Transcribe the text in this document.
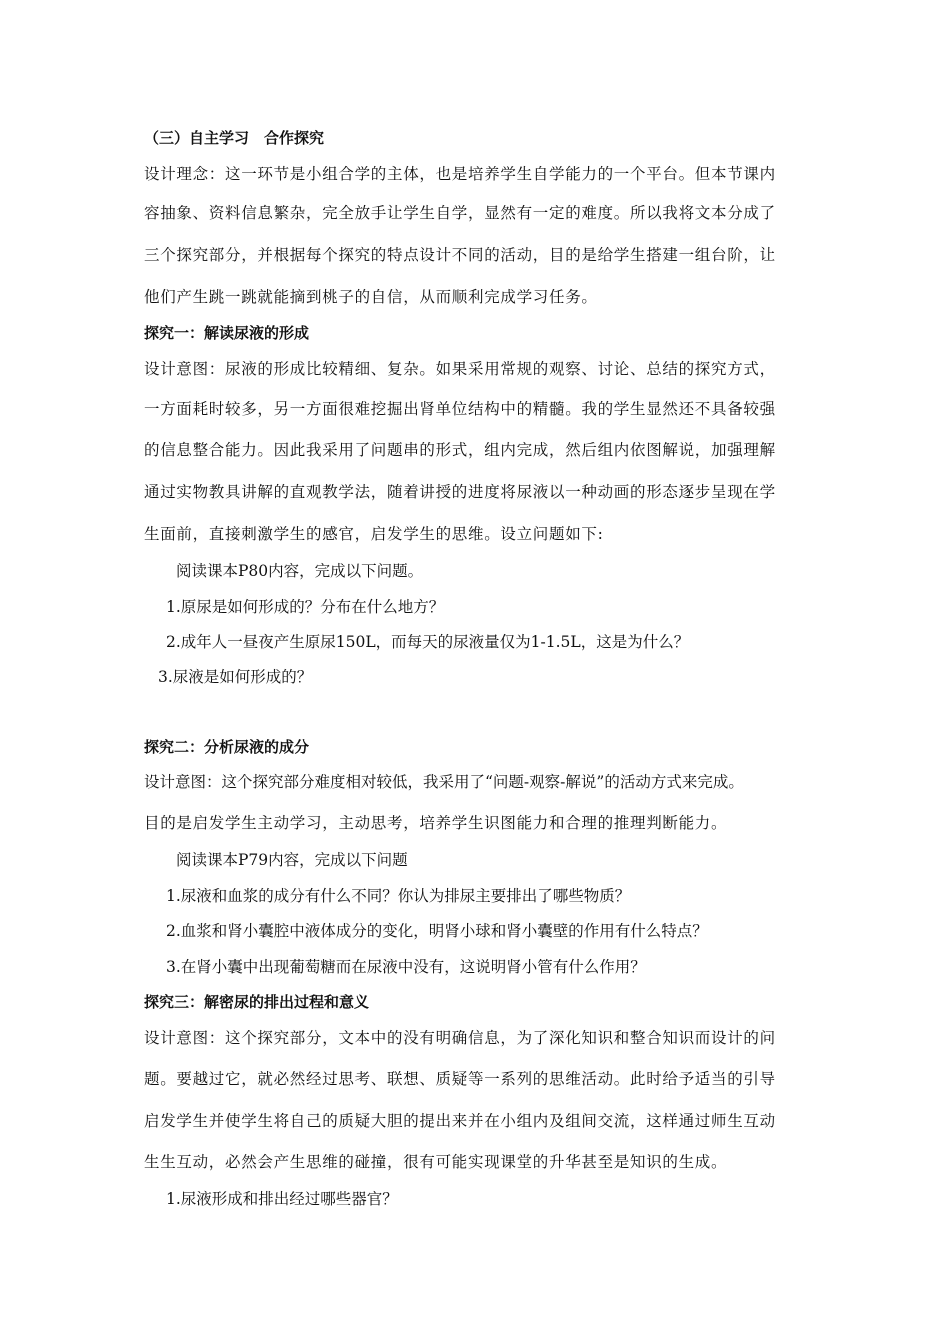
（三）自主学习　合作探究
设计理念：这一环节是小组合学的主体，也是培养学生自学能力的一个平台。但本节课内
容抽象、资料信息繁杂，完全放手让学生自学，显然有一定的难度。所以我将文本分成了
三个探究部分，并根据每个探究的特点设计不同的活动，目的是给学生搭建一组台阶，让
他们产生跳一跳就能摘到桃子的自信，从而顺利完成学习任务。
探究一：解读尿液的形成
设计意图：尿液的形成比较精细、复杂。如果采用常规的观察、讨论、总结的探究方式，
一方面耗时较多，另一方面很难挖掘出肾单位结构中的精髓。我的学生显然还不具备较强
的信息整合能力。因此我采用了问题串的形式，组内完成，然后组内依图解说，加强理解
通过实物教具讲解的直观教学法，随着讲授的进度将尿液以一种动画的形态逐步呈现在学
生面前，直接刺激学生的感官，启发学生的思维。设立问题如下:
阅读课本P80内容，完成以下问题。
1.原尿是如何形成的？分布在什么地方？
2.成年人一昼夜产生原尿150L，而每天的尿液量仅为1-1.5L，这是为什么？
3.尿液是如何形成的？
探究二：分析尿液的成分
设计意图：这个探究部分难度相对较低，我采用了“问题-观察-解说”的活动方式来完成。
目的是启发学生主动学习，主动思考，培养学生识图能力和合理的推理判断能力。
阅读课本P79内容，完成以下问题
1.尿液和血浆的成分有什么不同？你认为排尿主要排出了哪些物质？
2.血浆和肾小囊腔中液体成分的变化，明肾小球和肾小囊壁的作用有什么特点？
3.在肾小囊中出现葡萄糖而在尿液中没有，这说明肾小管有什么作用？
探究三：解密尿的排出过程和意义
设计意图：这个探究部分，文本中的没有明确信息，为了深化知识和整合知识而设计的问
题。要越过它，就必然经过思考、联想、质疑等一系列的思维活动。此时给予适当的引导
启发学生并使学生将自己的质疑大胆的提出来并在小组内及组间交流，这样通过师生互动
生生互动，必然会产生思维的碰撞，很有可能实现课堂的升华甚至是知识的生成。
1.尿液形成和排出经过哪些器官？
